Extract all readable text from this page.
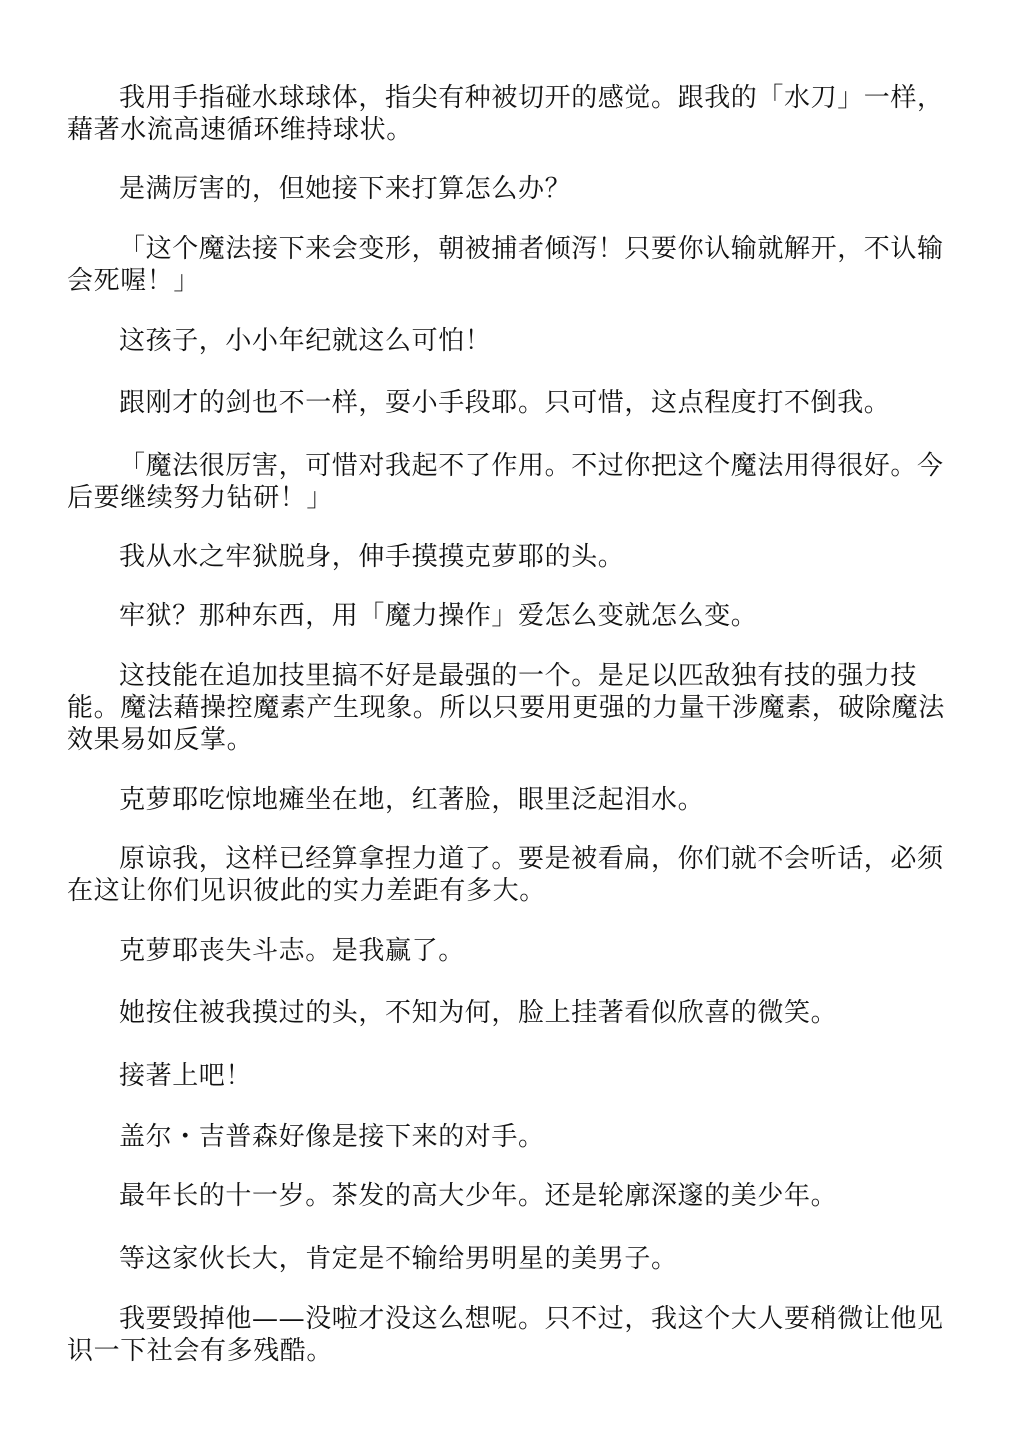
我用手指碰水球球体，指尖有种被切开的感觉。跟我的「水刀」一样，藉著水流高速循环维持球状。

是满厉害的，但她接下来打算怎么办？

「这个魔法接下来会变形，朝被捕者倾泻！只要你认输就解开，不认输会死喔！」

这孩子，小小年纪就这么可怕！

跟刚才的剑也不一样，耍小手段耶。只可惜，这点程度打不倒我。

「魔法很厉害，可惜对我起不了作用。不过你把这个魔法用得很好。今后要继续努力钻研！」

我从水之牢狱脱身，伸手摸摸克萝耶的头。

牢狱？那种东西，用「魔力操作」爱怎么变就怎么变。

这技能在追加技里搞不好是最强的一个。是足以匹敌独有技的强力技能。魔法藉操控魔素产生现象。所以只要用更强的力量干涉魔素，破除魔法效果易如反掌。

克萝耶吃惊地瘫坐在地，红著脸，眼里泛起泪水。

原谅我，这样已经算拿捏力道了。要是被看扁，你们就不会听话，必须在这让你们见识彼此的实力差距有多大。

克萝耶丧失斗志。是我赢了。

她按住被我摸过的头，不知为何，脸上挂著看似欣喜的微笑。

接著上吧！

盖尔・吉普森好像是接下来的对手。

最年长的十一岁。茶发的高大少年。还是轮廓深邃的美少年。

等这家伙长大，肯定是不输给男明星的美男子。

我要毁掉他——没啦才没这么想呢。只不过，我这个大人要稍微让他见识一下社会有多残酷。
